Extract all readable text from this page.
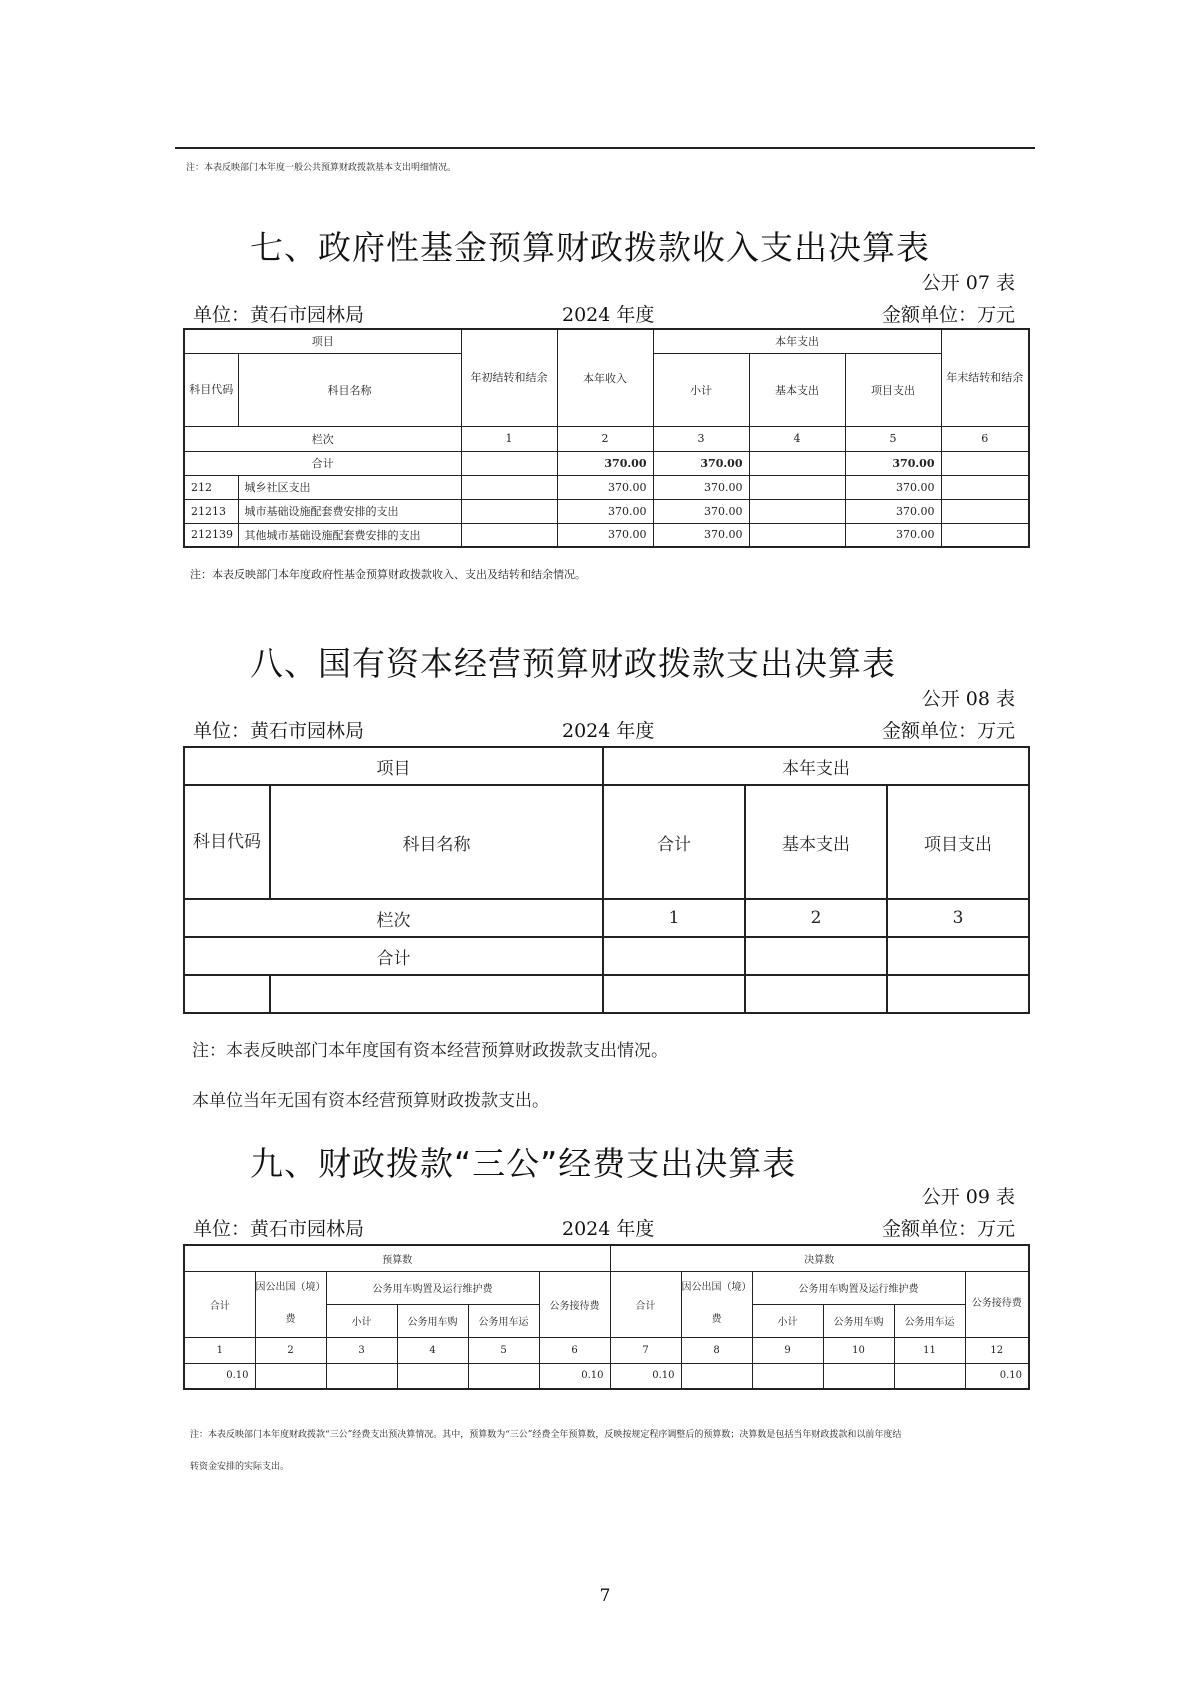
注：本表反映部门本年度一般公共预算财政拨款基本支出明细情况。
七、政府性基金预算财政拨款收入支出决算表
公开 07 表
单位：黄石市园林局	2024 年度	金额单位：万元
项目		年初结转和结余	本年收入	本年支出			年末结转和结余
科目代码	科目名称			小计	基本支出	项目支出	
栏次		1	2	3	4	5	6
合计			370.00	370.00		370.00	
212	城乡社区支出		370.00	370.00		370.00	
21213	城市基础设施配套费安排的支出		370.00	370.00		370.00	
212139	其他城市基础设施配套费安排的支出		370.00	370.00		370.00	
注：本表反映部门本年度政府性基金预算财政拨款收入、支出及结转和结余情况。
八、国有资本经营预算财政拨款支出决算表
公开 08 表
单位：黄石市园林局	2024 年度	金额单位：万元
项目		本年支出		
科目代码	科目名称	合计	基本支出	项目支出
栏次		1	2	3
合计				

注：本表反映部门本年度国有资本经营预算财政拨款支出情况。
本单位当年无国有资本经营预算财政拨款支出。
九、财政拨款“三公”经费支出决算表
公开 09 表
单位：黄石市园林局	2024 年度	金额单位：万元
预算数						决算数					
合计	因公出国（境）费	公务用车购置及运行维护费			公务接待费	合计	因公出国（境）费	公务用车购置及运行维护费			公务接待费
		小计	公务用车购	公务用车运				小计	公务用车购	公务用车运	
1	2	3	4	5	6	7	8	9	10	11	12
0.10					0.10	0.10					0.10
注：本表反映部门本年度财政拨款“三公”经费支出预决算情况。其中，预算数为“三公”经费全年预算数，反映按规定程序调整后的预算数；决算数是包括当年财政拨款和以前年度结
转资金安排的实际支出。
7
